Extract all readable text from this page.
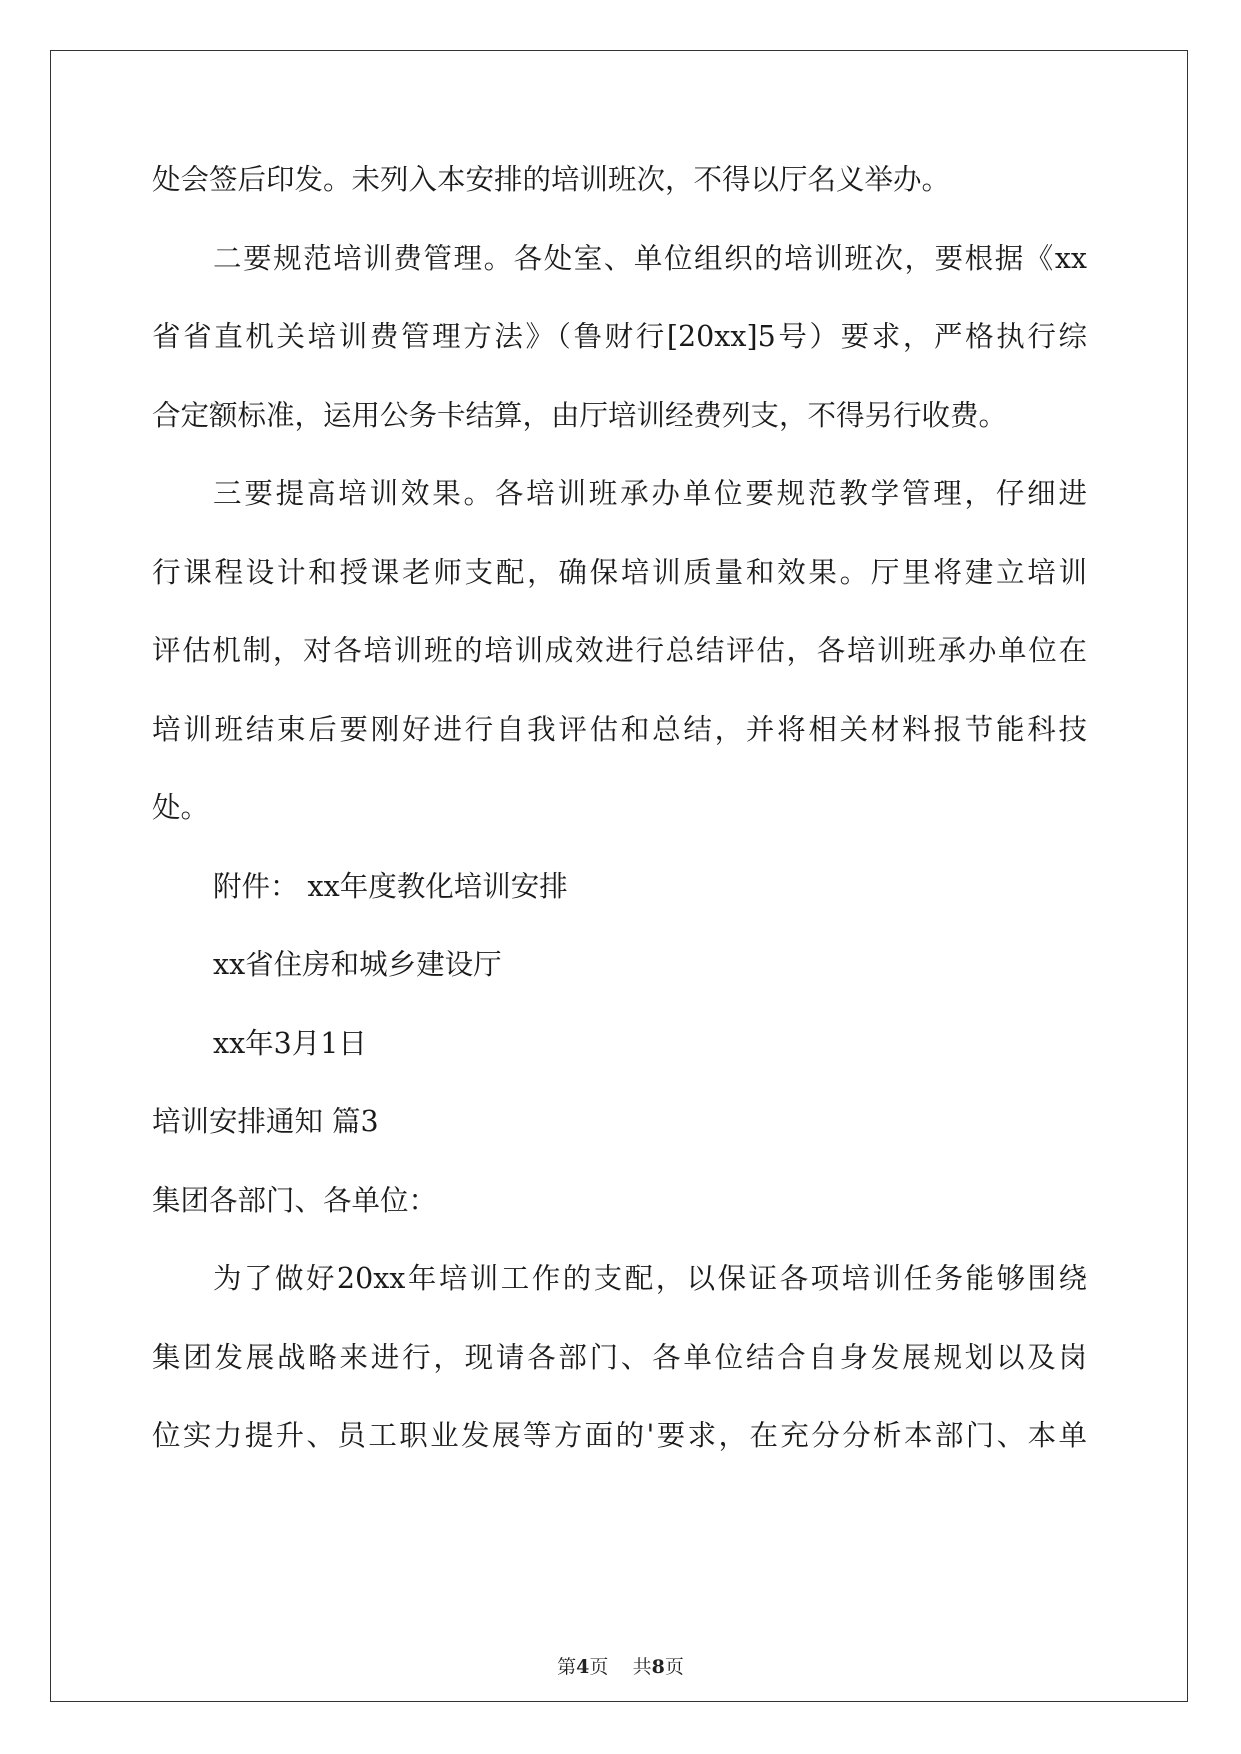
处会签后印发。未列入本安排的培训班次，不得以厅名义举办。
二要规范培训费管理。各处室、单位组织的培训班次，要根据《xx
省省直机关培训费管理方法》（鲁财行[20xx]5号）要求，严格执行综
合定额标准，运用公务卡结算，由厅培训经费列支，不得另行收费。
三要提高培训效果。各培训班承办单位要规范教学管理，仔细进
行课程设计和授课老师支配，确保培训质量和效果。厅里将建立培训
评估机制，对各培训班的培训成效进行总结评估，各培训班承办单位在
培训班结束后要刚好进行自我评估和总结，并将相关材料报节能科技
处。
附件： xx年度教化培训安排
xx省住房和城乡建设厅
xx年3月1日
培训安排通知 篇3
集团各部门、各单位：
为了做好20xx年培训工作的支配，以保证各项培训任务能够围绕
集团发展战略来进行，现请各部门、各单位结合自身发展规划以及岗
位实力提升、员工职业发展等方面的'要求，在充分分析本部门、本单
第4页 共8页
